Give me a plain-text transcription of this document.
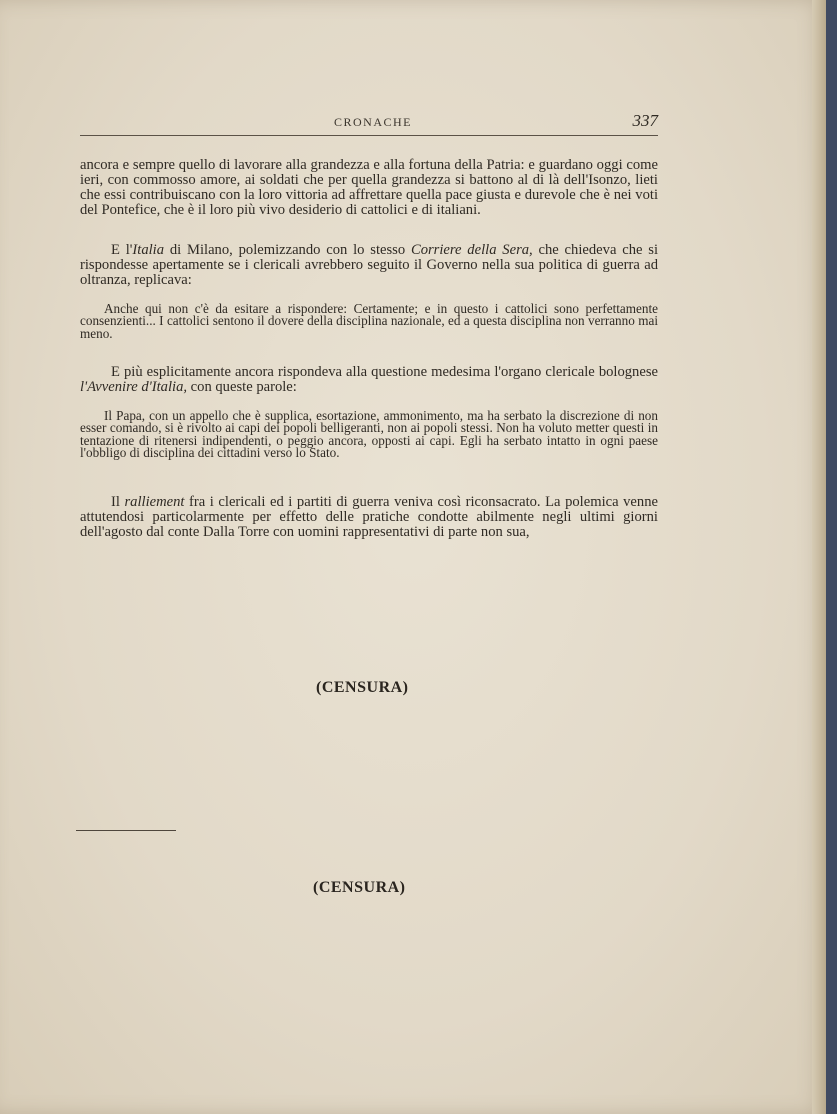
CRONACHE	337

ancora e sempre quello di lavorare alla grandezza e alla fortuna della Patria: e guardano oggi come ieri, con commosso amore, ai soldati che per quella grandezza si battono al di là dell'Isonzo, lieti che essi contribuiscano con la loro vittoria ad affrettare quella pace giusta e durevole che è nei voti del Pontefice, che è il loro più vivo desiderio di cattolici e di italiani.

E l'Italia di Milano, polemizzando con lo stesso Corriere della Sera, che chiedeva che si rispondesse apertamente se i clericali avrebbero seguito il Governo nella sua politica di guerra ad oltranza, replicava:

Anche qui non c'è da esitare a rispondere: Certamente; e in questo i cattolici sono perfettamente consenzienti... I cattolici sentono il dovere della disciplina nazionale, ed a questa disciplina non verranno mai meno.

E più esplicitamente ancora rispondeva alla questione medesima l'organo clericale bolognese l'Avvenire d'Italia, con queste parole:

Il Papa, con un appello che è supplica, esortazione, ammonimento, ma ha serbato la discrezione di non esser comando, si è rivolto ai capi dei popoli belligeranti, non ai popoli stessi. Non ha voluto metter questi in tentazione di ritenersi indipendenti, o peggio ancora, opposti ai capi. Egli ha serbato intatto in ogni paese l'obbligo di disciplina dei cittadini verso lo Stato.

Il ralliement fra i clericali ed i partiti di guerra veniva così riconsacrato. La polemica venne attutendosi particolarmente per effetto delle pratiche condotte abilmente negli ultimi giorni dell'agosto dal conte Dalla Torre con uomini rappresentativi di parte non sua,

(CENSURA)
(CENSURA)
